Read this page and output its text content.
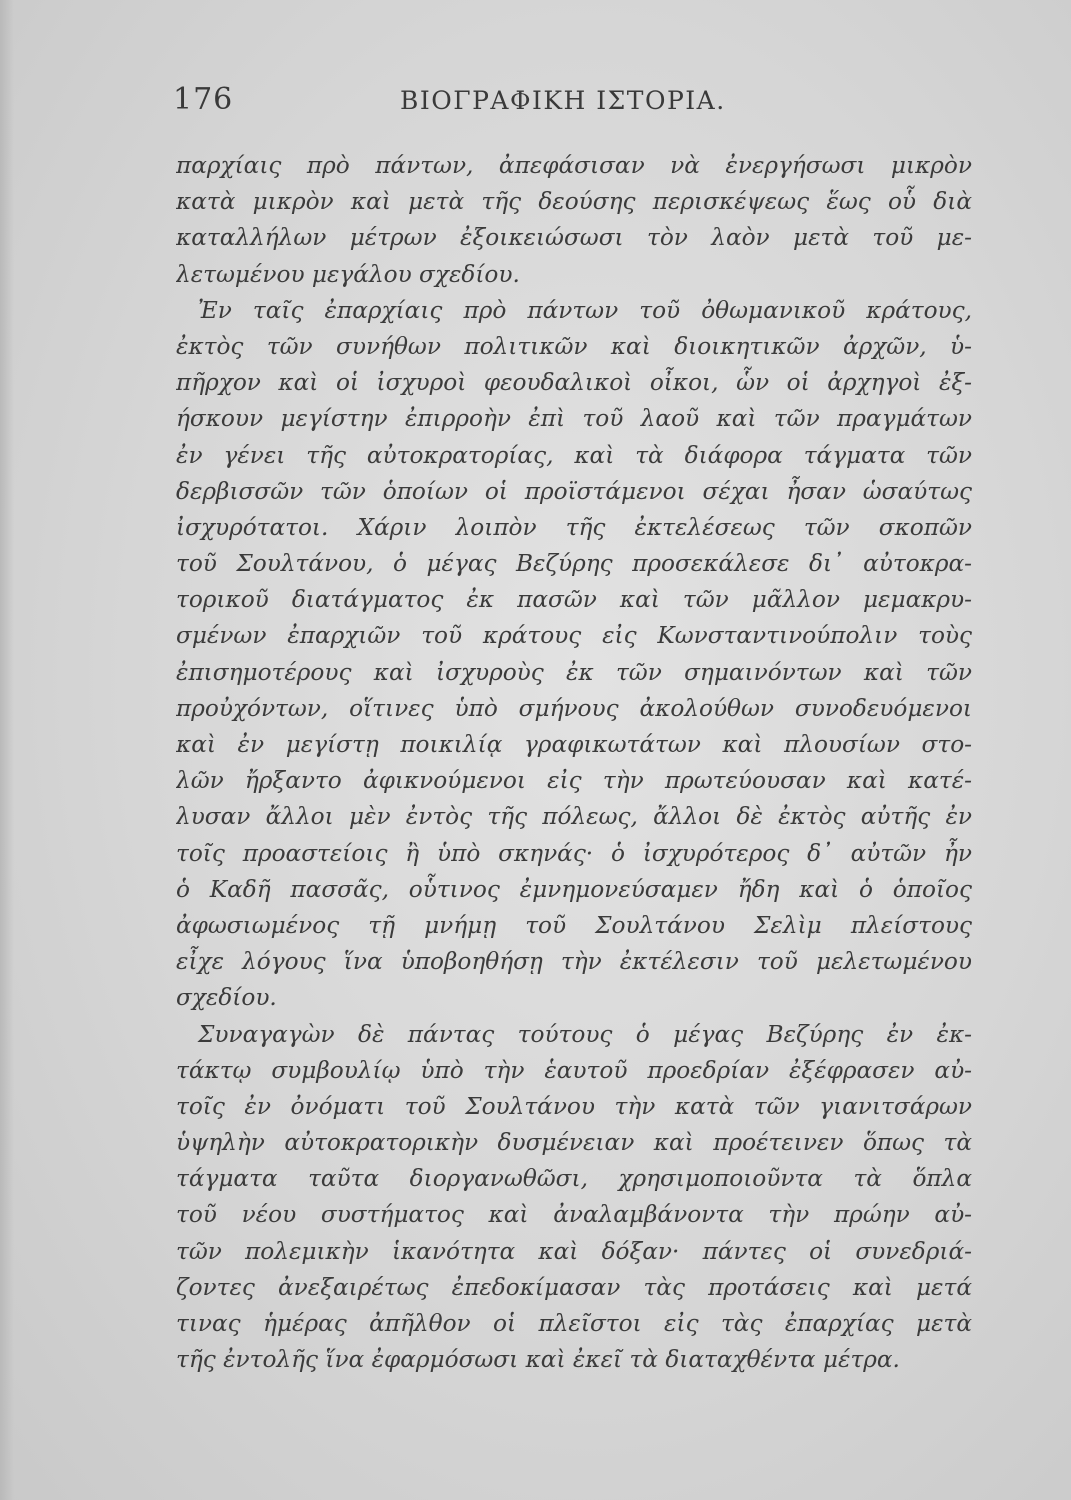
176	ΒΙΟΓΡΑΦΙΚΗ ΙΣΤΟΡΙΑ.
παρχίαις πρὸ πάντων, ἀπεφάσισαν νὰ ἐνεργήσωσι μικρὸν
κατὰ μικρὸν καὶ μετὰ τῆς δεούσης περισκέψεως ἕως οὗ διὰ
καταλλήλων μέτρων ἐξοικειώσωσι τὸν λαὸν μετὰ τοῦ με-
λετωμένου μεγάλου σχεδίου.
Ἐν ταῖς ἐπαρχίαις πρὸ πάντων τοῦ ὀθωμανικοῦ κράτους,
ἐκτὸς τῶν συνήθων πολιτικῶν καὶ διοικητικῶν ἀρχῶν, ὑ-
πῆρχον καὶ οἱ ἰσχυροὶ φεουδαλικοὶ οἶκοι, ὧν οἱ ἀρχηγοὶ ἐξ-
ήσκουν μεγίστην ἐπιρροὴν ἐπὶ τοῦ λαοῦ καὶ τῶν πραγμάτων
ἐν γένει τῆς αὐτοκρατορίας, καὶ τὰ διάφορα τάγματα τῶν
δερβισσῶν τῶν ὁποίων οἱ προϊστάμενοι σέχαι ἦσαν ὡσαύτως
ἰσχυρότατοι. Χάριν λοιπὸν τῆς ἐκτελέσεως τῶν σκοπῶν
τοῦ Σουλτάνου, ὁ μέγας Βεζύρης προσεκάλεσε δι᾿ αὐτοκρα-
τορικοῦ διατάγματος ἐκ πασῶν καὶ τῶν μᾶλλον μεμακρυ-
σμένων ἐπαρχιῶν τοῦ κράτους εἰς Κωνσταντινούπολιν τοὺς
ἐπισημοτέρους καὶ ἰσχυροὺς ἐκ τῶν σημαινόντων καὶ τῶν
προὐχόντων, οἵτινες ὑπὸ σμήνους ἀκολούθων συνοδευόμενοι
καὶ ἐν μεγίστῃ ποικιλίᾳ γραφικωτάτων καὶ πλουσίων στο-
λῶν ἤρξαντο ἀφικνούμενοι εἰς τὴν πρωτεύουσαν καὶ κατέ-
λυσαν ἄλλοι μὲν ἐντὸς τῆς πόλεως, ἄλλοι δὲ ἐκτὸς αὐτῆς ἐν
τοῖς προαστείοις ἢ ὑπὸ σκηνάς· ὁ ἰσχυρότερος δ᾿ αὐτῶν ἦν
ὁ Καδῆ πασσᾶς, οὗτινος ἐμνημονεύσαμεν ἤδη καὶ ὁ ὁποῖος
ἀφωσιωμένος τῇ μνήμῃ τοῦ Σουλτάνου Σελὶμ πλείστους
εἶχε λόγους ἵνα ὑποβοηθήσῃ τὴν ἐκτέλεσιν τοῦ μελετωμένου
σχεδίου.
Συναγαγὼν δὲ πάντας τούτους ὁ μέγας Βεζύρης ἐν ἐκ-
τάκτῳ συμβουλίῳ ὑπὸ τὴν ἑαυτοῦ προεδρίαν ἐξέφρασεν αὐ-
τοῖς ἐν ὀνόματι τοῦ Σουλτάνου τὴν κατὰ τῶν γιανιτσάρων
ὑψηλὴν αὐτοκρατορικὴν δυσμένειαν καὶ προέτεινεν ὅπως τὰ
τάγματα ταῦτα διοργανωθῶσι, χρησιμοποιοῦντα τὰ ὅπλα
τοῦ νέου συστήματος καὶ ἀναλαμβάνοντα τὴν πρώην αὐ-
τῶν πολεμικὴν ἱκανότητα καὶ δόξαν· πάντες οἱ συνεδριά-
ζοντες ἀνεξαιρέτως ἐπεδοκίμασαν τὰς προτάσεις καὶ μετά
τινας ἡμέρας ἀπῆλθον οἱ πλεῖστοι εἰς τὰς ἐπαρχίας μετὰ
τῆς ἐντολῆς ἵνα ἐφαρμόσωσι καὶ ἐκεῖ τὰ διαταχθέντα μέτρα.
